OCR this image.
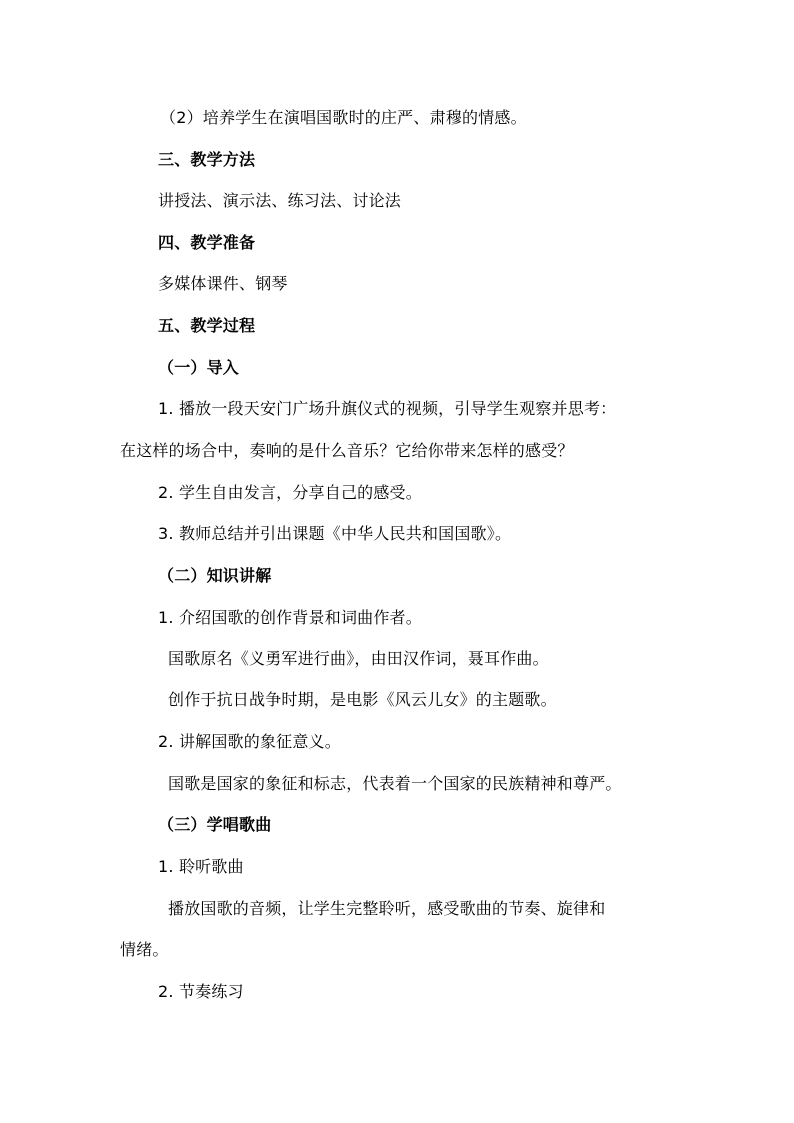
（2）培养学生在演唱国歌时的庄严、肃穆的情感。
三、教学方法
讲授法、演示法、练习法、讨论法
四、教学准备
多媒体课件、钢琴
五、教学过程
（一）导入
1. 播放一段天安门广场升旗仪式的视频，引导学生观察并思考：
在这样的场合中，奏响的是什么音乐？它给你带来怎样的感受？
2. 学生自由发言，分享自己的感受。
3. 教师总结并引出课题《中华人民共和国国歌》。
（二）知识讲解
1. 介绍国歌的创作背景和词曲作者。
国歌原名《义勇军进行曲》，由田汉作词，聂耳作曲。
创作于抗日战争时期，是电影《风云儿女》的主题歌。
2. 讲解国歌的象征意义。
国歌是国家的象征和标志，代表着一个国家的民族精神和尊严。
（三）学唱歌曲
1. 聆听歌曲
播放国歌的音频，让学生完整聆听，感受歌曲的节奏、旋律和
情绪。
2. 节奏练习
